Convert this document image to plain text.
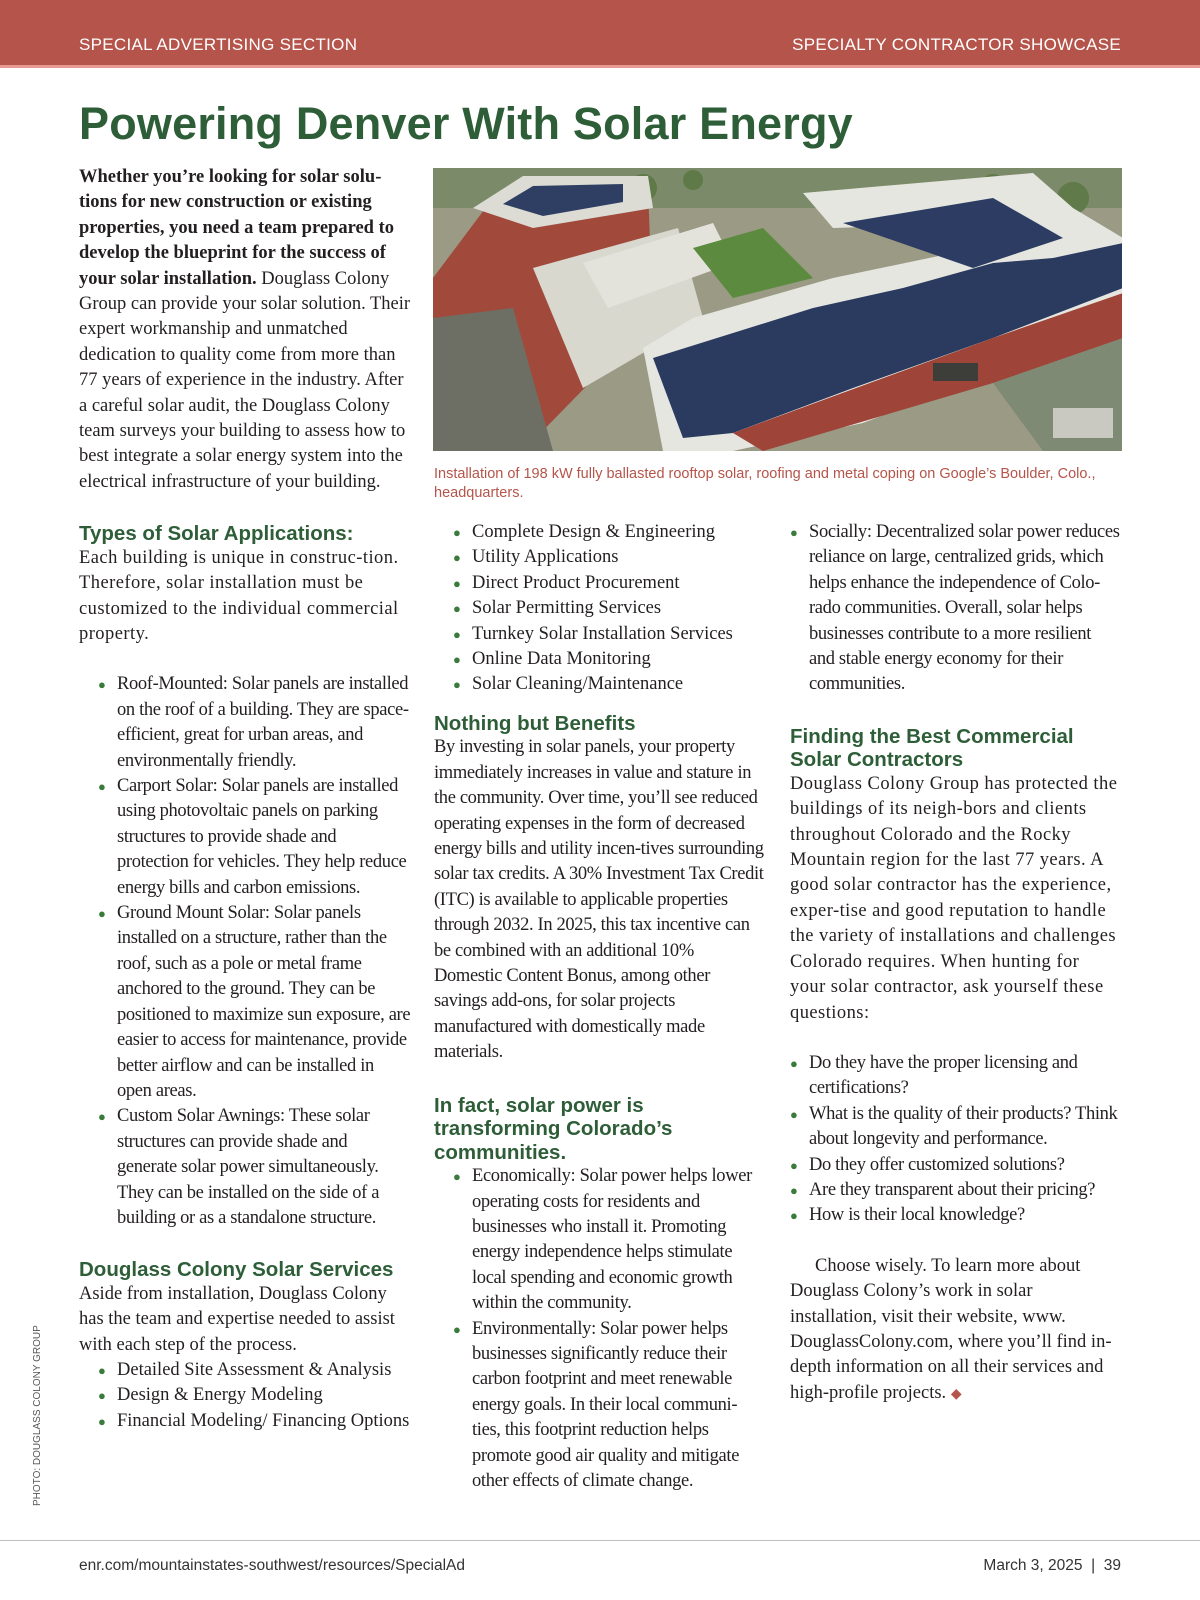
SPECIAL ADVERTISING SECTION	SPECIALTY CONTRACTOR SHOWCASE
Powering Denver With Solar Energy
Installation of 198 kW fully ballasted rooftop solar, roofing and metal coping on Google’s Boulder, Colo., headquarters.

Whether you’re looking for solar solu-tions for new construction or existing properties, you need a team prepared to develop the blueprint for the success of your solar installation. Douglass Colony Group can provide your solar solution. Their expert workmanship and unmatched dedication to quality come from more than 77 years of experience in the industry. After a careful solar audit, the Douglass Colony team surveys your building to assess how to best integrate a solar energy system into the electrical infrastructure of your building.

Types of Solar Applications:

Each building is unique in construc-tion. Therefore, solar installation must be customized to the individual commercial property.

● Roof-Mounted: Solar panels are installed on the roof of a building. They are space-efficient, great for urban areas, and environmentally friendly.
● Carport Solar: Solar panels are installed using photovoltaic panels on parking structures to provide shade and protection for vehicles. They help reduce energy bills and carbon emissions.
● Ground Mount Solar: Solar panels installed on a structure, rather than the roof, such as a pole or metal frame anchored to the ground. They can be positioned to maximize sun exposure, are easier to access for maintenance, provide better airflow and can be installed in open areas.
● Custom Solar Awnings: These solar structures can provide shade and generate solar power simultaneously. They can be installed on the side of a building or as a standalone structure.
Douglass Colony Solar Services

Aside from installation, Douglass Colony has the team and expertise needed to assist with each step of the process.

● Detailed Site Assessment & Analysis
● Design & Energy Modeling
● Financial Modeling/ Financing Options
● Complete Design & Engineering
● Utility Applications
● Direct Product Procurement
● Solar Permitting Services
● Turnkey Solar Installation Services
● Online Data Monitoring
● Solar Cleaning/Maintenance
Nothing but Benefits

By investing in solar panels, your property immediately increases in value and stature in the community. Over time, you’ll see reduced operating expenses in the form of decreased energy bills and utility incen-tives surrounding solar tax credits. A 30% Investment Tax Credit (ITC) is available to applicable properties through 2032. In 2025, this tax incentive can be combined with an additional 10% Domestic Content Bonus, among other savings add-ons, for solar projects manufactured with domestically made materials.

In fact, solar power is transforming Colorado’s communities.
● Economically: Solar power helps lower operating costs for residents and businesses who install it. Promoting energy independence helps stimulate local spending and economic growth within the community.
● Environmentally: Solar power helps businesses significantly reduce their carbon footprint and meet renewable energy goals. In their local communi-ties, this footprint reduction helps promote good air quality and mitigate other effects of climate change.
● Socially: Decentralized solar power reduces reliance on large, centralized grids, which helps enhance the independence of Colo-rado communities. Overall, solar helps businesses contribute to a more resilient and stable energy economy for their communities.
Finding the Best Commercial Solar Contractors

Douglass Colony Group has protected the buildings of its neigh-bors and clients throughout Colorado and the Rocky Mountain region for the last 77 years. A good solar contractor has the experience, exper-tise and good reputation to handle the variety of installations and challenges Colorado requires. When hunting for your solar contractor, ask yourself these questions:

● Do they have the proper licensing and certifications?
● What is the quality of their products? Think about longevity and performance.
● Do they offer customized solutions?
● Are they transparent about their pricing?
● How is their local knowledge?

Choose wisely. To learn more about Douglass Colony’s work in solar installation, visit their website, www. DouglassColony.com, where you’ll find in-depth information on all their services and high-profile projects. ◆

PHOTO: DOUGLASS COLONY GROUP
enr.com/mountainstates-southwest/resources/SpecialAd	March 3, 2025  |  39
